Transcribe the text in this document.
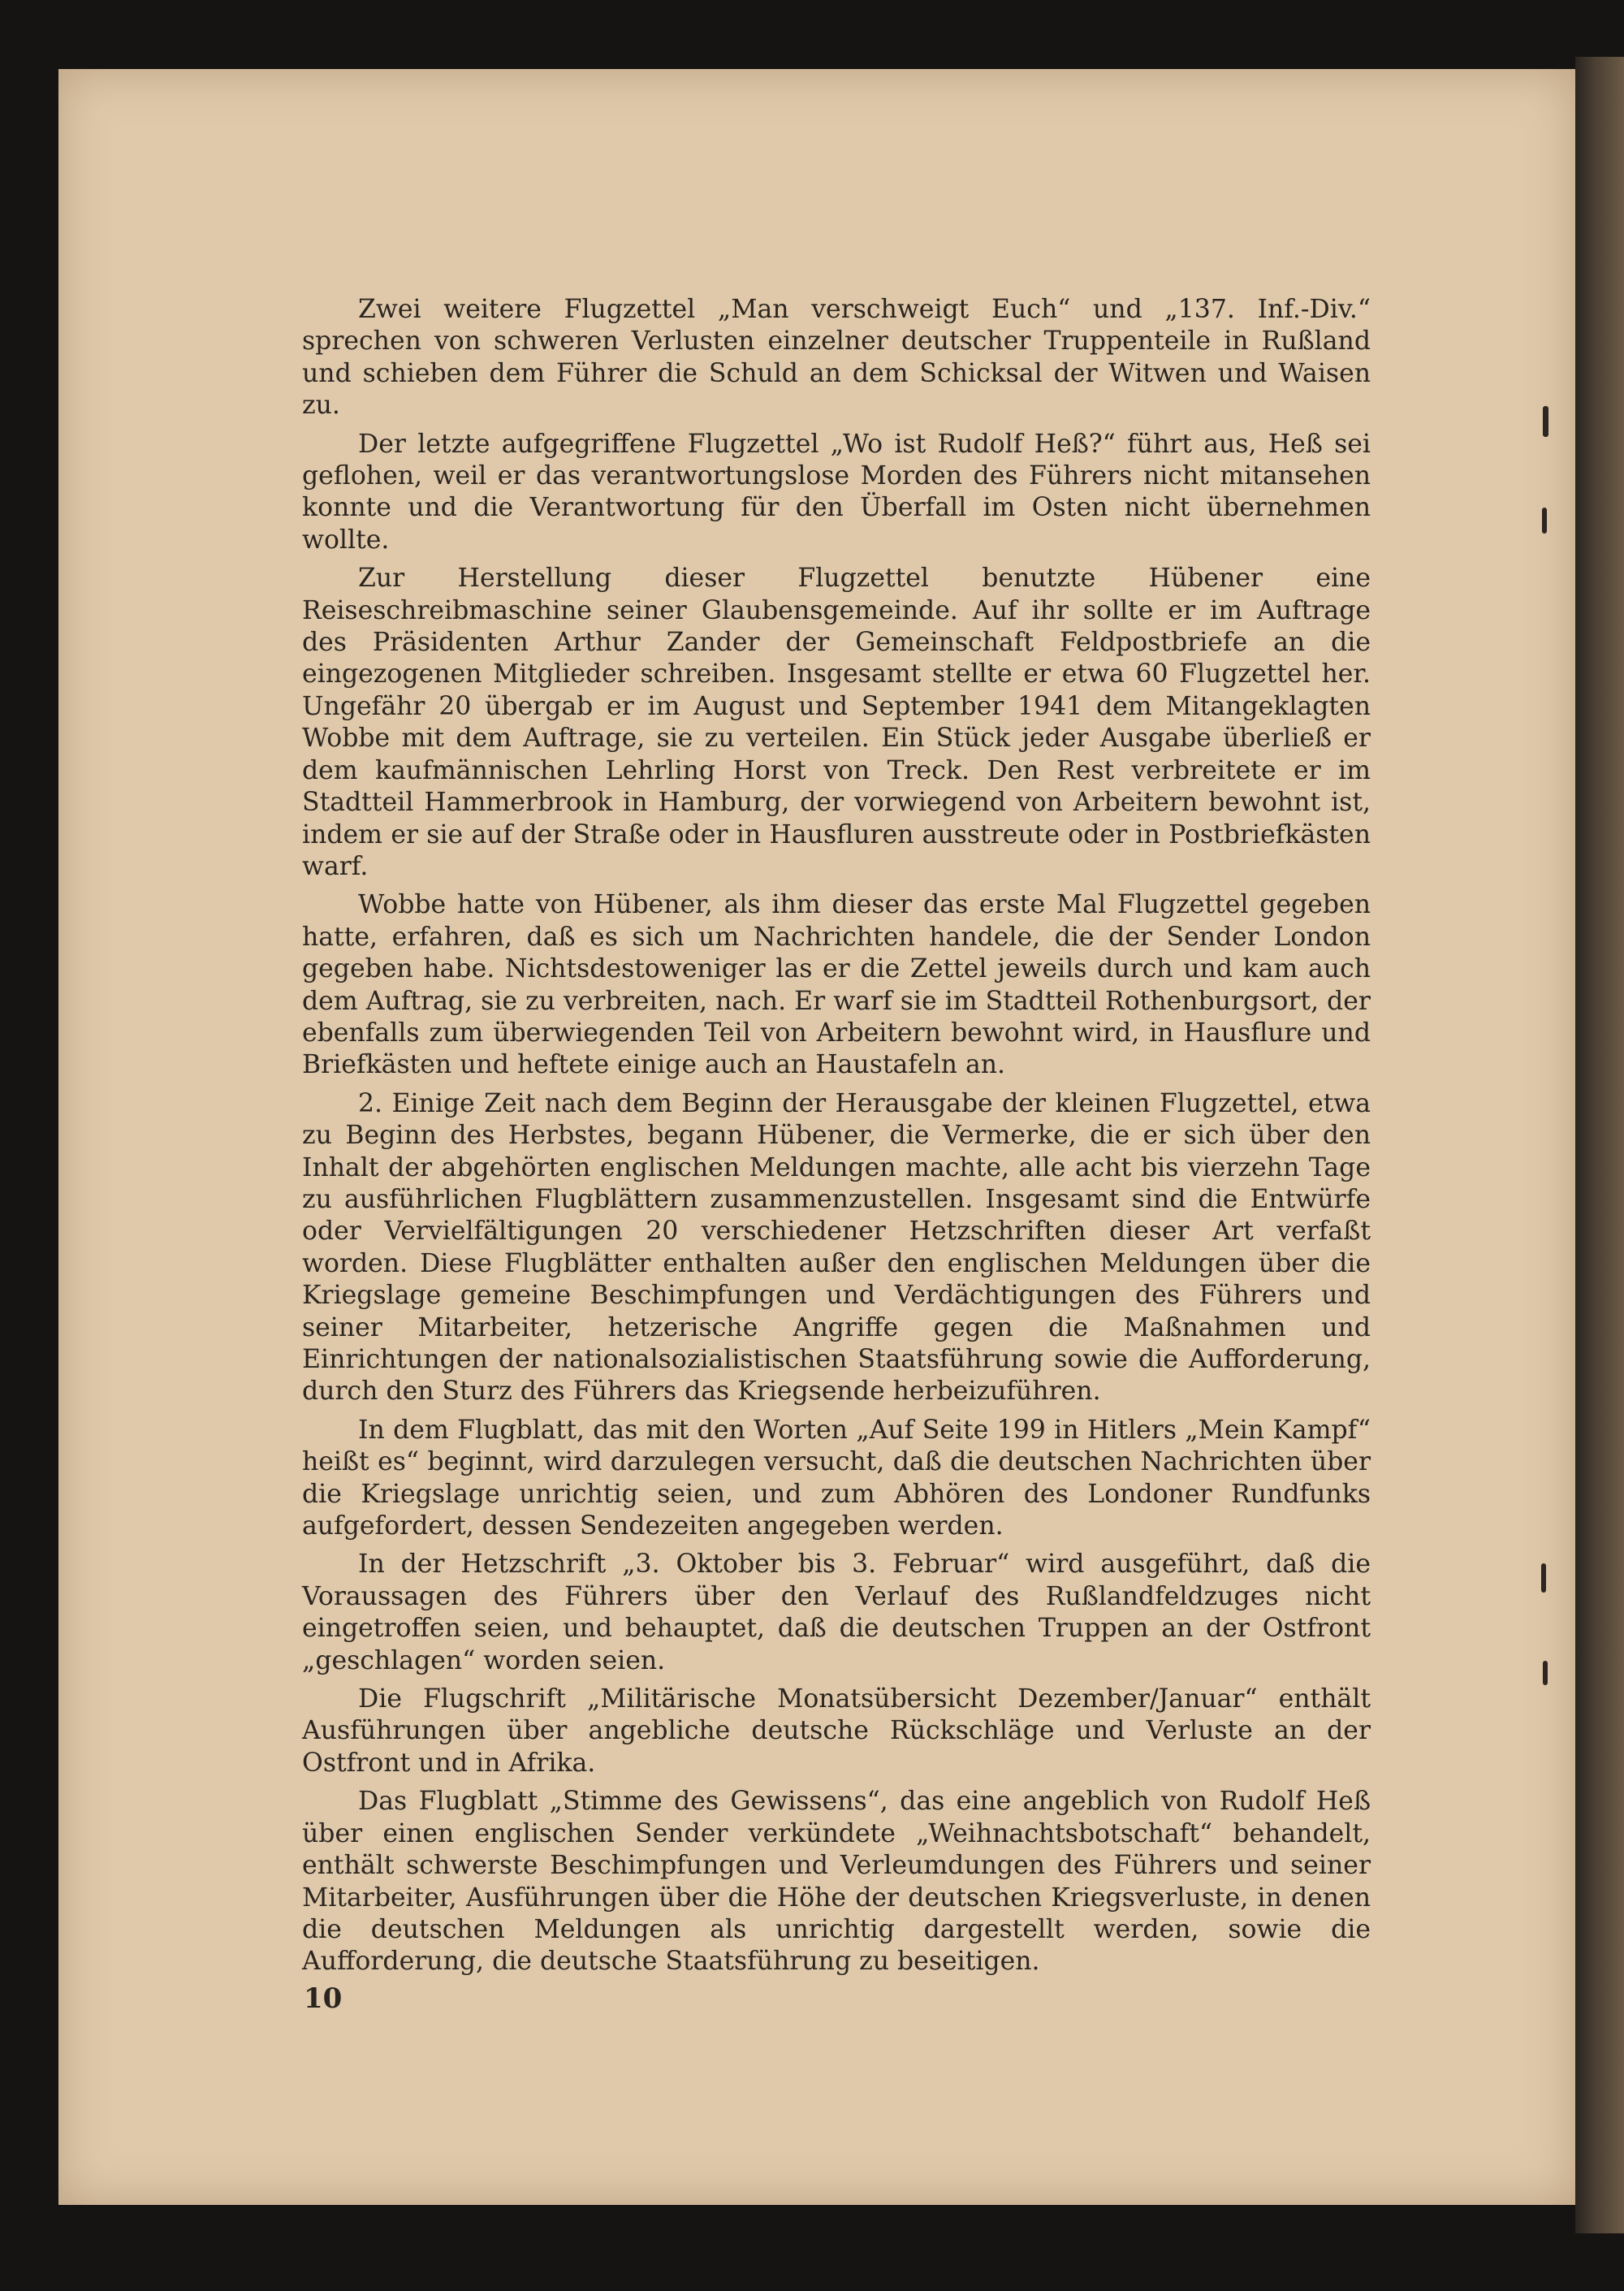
Zwei weitere Flugzettel „Man verschweigt Euch“ und „137. Inf.-Div.“ sprechen von schweren Verlusten einzelner deutscher Truppenteile in Rußland und schieben dem Führer die Schuld an dem Schicksal der Witwen und Waisen zu.

Der letzte aufgegriffene Flugzettel „Wo ist Rudolf Heß?“ führt aus, Heß sei geflohen, weil er das verantwortungslose Morden des Führers nicht mitansehen konnte und die Verantwortung für den Überfall im Osten nicht übernehmen wollte.

Zur Herstellung dieser Flugzettel benutzte Hübener eine Reiseschreibmaschine seiner Glaubensgemeinde. Auf ihr sollte er im Auftrage des Präsidenten Arthur Zander der Gemeinschaft Feldpostbriefe an die eingezogenen Mitglieder schreiben. Insgesamt stellte er etwa 60 Flugzettel her. Ungefähr 20 übergab er im August und September 1941 dem Mitangeklagten Wobbe mit dem Auftrage, sie zu verteilen. Ein Stück jeder Ausgabe überließ er dem kaufmännischen Lehrling Horst von Treck. Den Rest verbreitete er im Stadtteil Hammerbrook in Hamburg, der vorwiegend von Arbeitern bewohnt ist, indem er sie auf der Straße oder in Hausfluren ausstreute oder in Postbriefkästen warf.

Wobbe hatte von Hübener, als ihm dieser das erste Mal Flugzettel gegeben hatte, erfahren, daß es sich um Nachrichten handele, die der Sender London gegeben habe. Nichtsdestoweniger las er die Zettel jeweils durch und kam auch dem Auftrag, sie zu verbreiten, nach. Er warf sie im Stadtteil Rothenburgsort, der ebenfalls zum überwiegenden Teil von Arbeitern bewohnt wird, in Hausflure und Briefkästen und heftete einige auch an Haustafeln an.

2. Einige Zeit nach dem Beginn der Herausgabe der kleinen Flugzettel, etwa zu Beginn des Herbstes, begann Hübener, die Vermerke, die er sich über den Inhalt der abgehörten englischen Meldungen machte, alle acht bis vierzehn Tage zu ausführlichen Flugblättern zusammenzustellen. Insgesamt sind die Entwürfe oder Vervielfältigungen 20 verschiedener Hetzschriften dieser Art verfaßt worden. Diese Flugblätter enthalten außer den englischen Meldungen über die Kriegslage gemeine Beschimpfungen und Verdächtigungen des Führers und seiner Mitarbeiter, hetzerische Angriffe gegen die Maßnahmen und Einrichtungen der nationalsozialistischen Staatsführung sowie die Aufforderung, durch den Sturz des Führers das Kriegsende herbeizuführen.

In dem Flugblatt, das mit den Worten „Auf Seite 199 in Hitlers „Mein Kampf“ heißt es“ beginnt, wird darzulegen versucht, daß die deutschen Nachrichten über die Kriegslage unrichtig seien, und zum Abhören des Londoner Rundfunks aufgefordert, dessen Sendezeiten angegeben werden.

In der Hetzschrift „3. Oktober bis 3. Februar“ wird ausgeführt, daß die Voraussagen des Führers über den Verlauf des Rußlandfeldzuges nicht eingetroffen seien, und behauptet, daß die deutschen Truppen an der Ostfront „geschlagen“ worden seien.

Die Flugschrift „Militärische Monatsübersicht Dezember/Januar“ enthält Ausführungen über angebliche deutsche Rückschläge und Verluste an der Ostfront und in Afrika.

Das Flugblatt „Stimme des Gewissens“, das eine angeblich von Rudolf Heß über einen englischen Sender verkündete „Weihnachtsbotschaft“ behandelt, enthält schwerste Beschimpfungen und Verleumdungen des Führers und seiner Mitarbeiter, Ausführungen über die Höhe der deutschen Kriegsverluste, in denen die deutschen Meldungen als unrichtig dargestellt werden, sowie die Aufforderung, die deutsche Staatsführung zu beseitigen.

10
